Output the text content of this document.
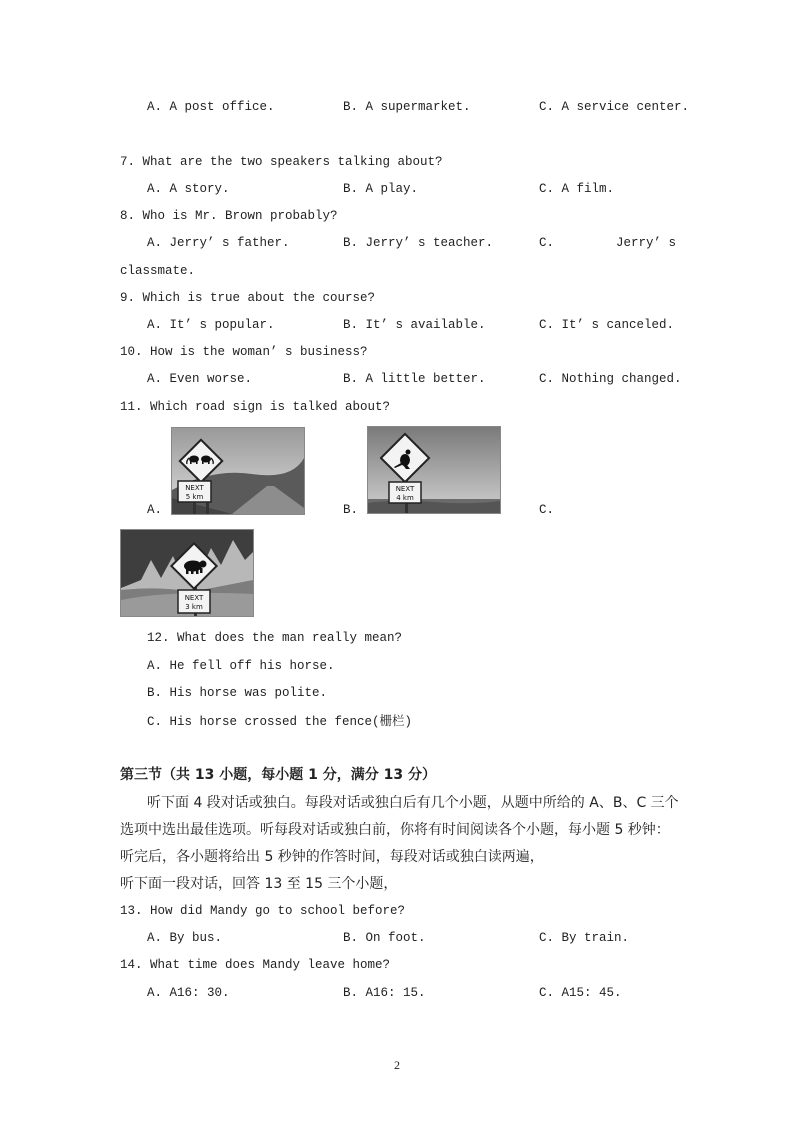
A. A post office.	B. A supermarket.	C. A service center.
7. What are the two speakers talking about?
A. A story.	B. A play.	C. A film.
8. Who is Mr. Brown probably?
A. Jerry’ s father.	B. Jerry’ s teacher.	C.	Jerry’ s
classmate.
9. Which is true about the course?
A. It’ s popular.	B. It’ s available.	C. It’ s canceled.
10. How is the woman’ s business?
A. Even worse.	B. A little better.	C. Nothing changed.
11. Which road sign is talked about?
NEXT
5 km
A.
NEXT
4 km
B.	C.
NEXT
3 km
12. What does the man really mean?
A. He fell off his horse.
B. His horse was polite.
C. His horse crossed the fence(栅栏)
第三节（共 13 小题，每小题 1 分，满分 13 分）
听下面 4 段对话或独白。每段对话或独白后有几个小题，从题中所给的 A、B、C 三个
选项中选出最佳选项。听每段对话或独白前，你将有时间阅读各个小题，每小题 5 秒钟：
听完后，各小题将给出 5 秒钟的作答时间，每段对话或独白读两遍，
听下面一段对话，回答 13 至 15 三个小题，
13. How did Mandy go to school before?
A. By bus.	B. On foot.	C. By train.
14. What time does Mandy leave home?
A. A16: 30.	B. A16: 15.	C. A15: 45.
2
